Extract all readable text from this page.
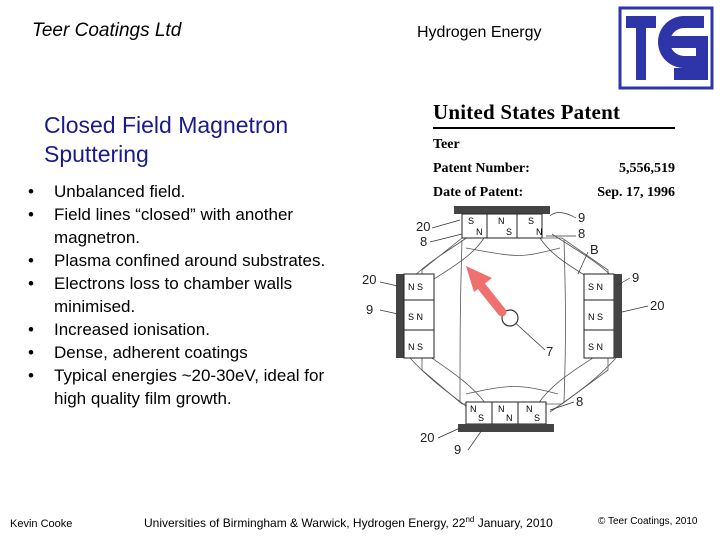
Teer Coatings Ltd	Hydrogen Energy
Closed Field Magnetron
Sputtering
• Unbalanced field.
• Field lines “closed” with another magnetron.
• Plasma confined around substrates.
• Electrons loss to chamber walls minimised.
• Increased ionisation.
• Dense, adherent coatings
• Typical energies ~20-30eV, ideal for high quality film growth.
United States Patent
Teer
Patent Number:	5,556,519
Date of Patent:	Sep. 17, 1996
S	N	S
N	S	N
N N N
S N S
N S
S N
N S
S N
N S
S N
20
8
9
8
B
20
9
9
20
7
8
20
9
Kevin Cooke	Universities of Birmingham & Warwick, Hydrogen Energy, 22nd January, 2010	© Teer Coatings, 2010
